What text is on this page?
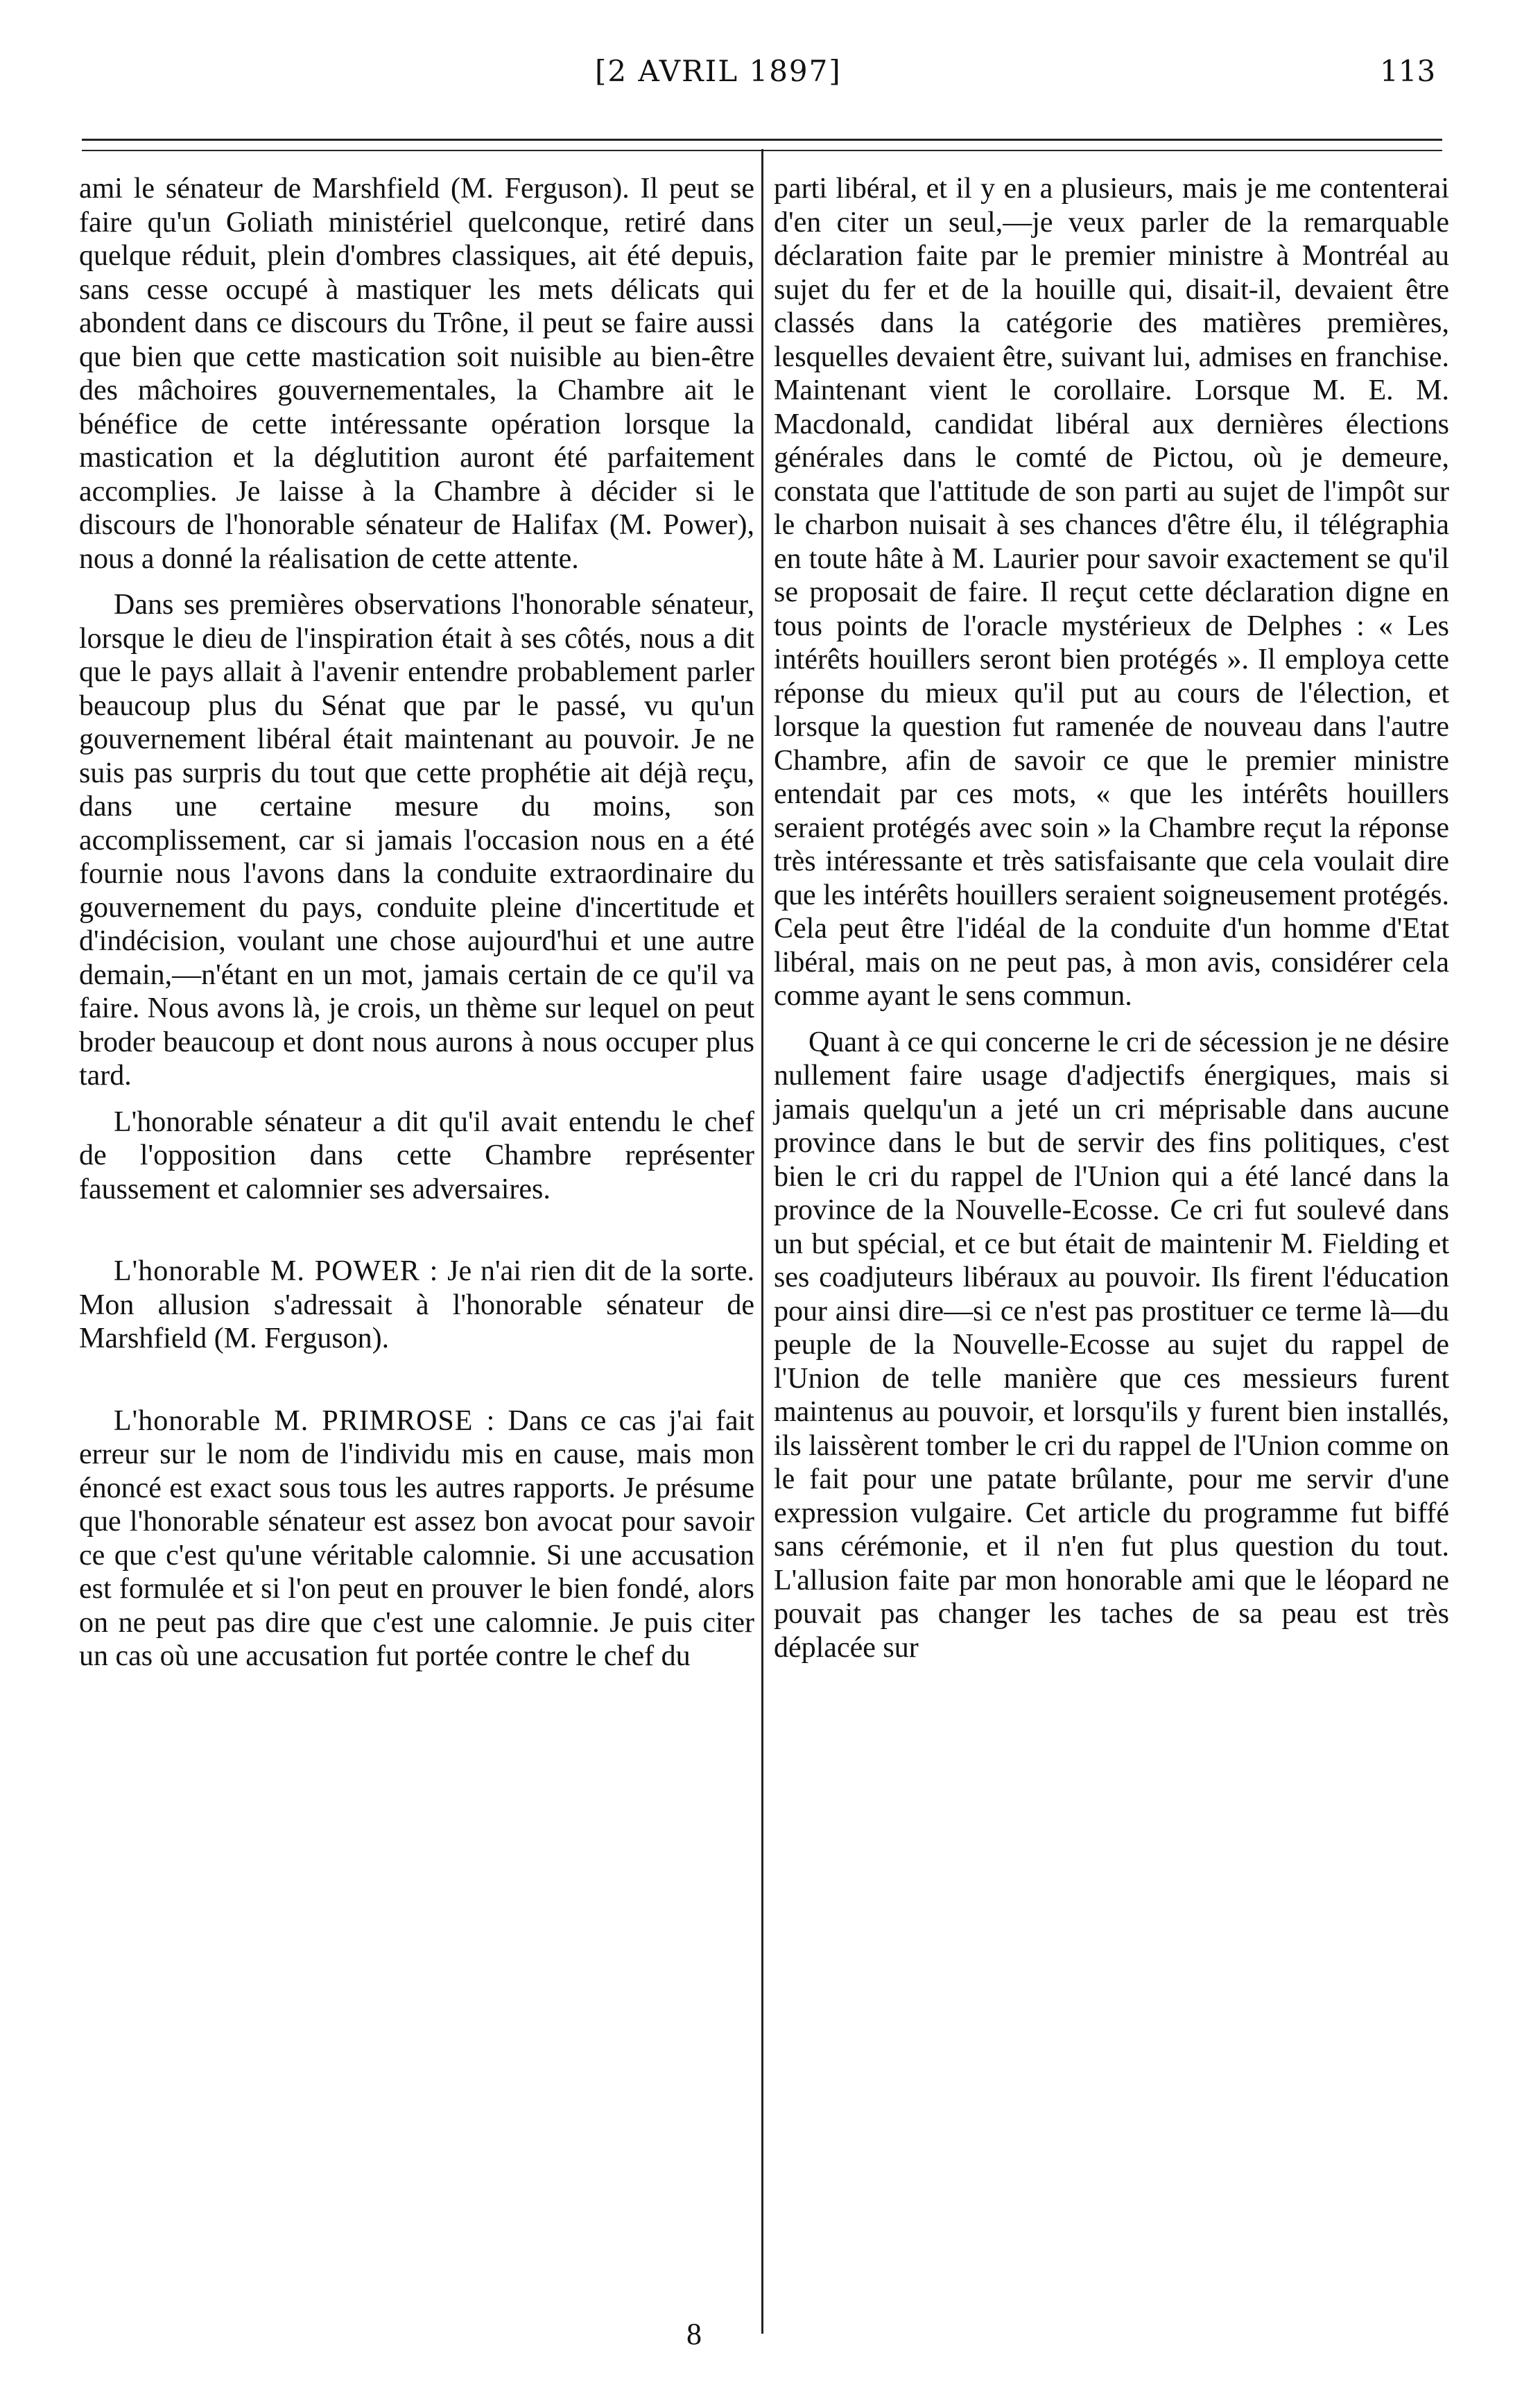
[2 AVRIL 1897]	113

ami le sénateur de Marshfield (M. Ferguson). Il peut se faire qu'un Goliath ministériel quelconque, retiré dans quelque réduit, plein d'ombres classiques, ait été depuis, sans cesse occupé à mastiquer les mets délicats qui abondent dans ce discours du Trône, il peut se faire aussi que bien que cette mastication soit nuisible au bien-être des mâchoires gouvernementales, la Chambre ait le bénéfice de cette intéressante opération lorsque la mastication et la déglutition auront été parfaitement accomplies. Je laisse à la Chambre à décider si le discours de l'honorable sénateur de Halifax (M. Power), nous a donné la réalisation de cette attente.

Dans ses premières observations l'honorable sénateur, lorsque le dieu de l'inspiration était à ses côtés, nous a dit que le pays allait à l'avenir entendre probablement parler beaucoup plus du Sénat que par le passé, vu qu'un gouvernement libéral était maintenant au pouvoir. Je ne suis pas surpris du tout que cette prophétie ait déjà reçu, dans une certaine mesure du moins, son accomplissement, car si jamais l'occasion nous en a été fournie nous l'avons dans la conduite extraordinaire du gouvernement du pays, conduite pleine d'incertitude et d'indécision, voulant une chose aujourd'hui et une autre demain,—n'étant en un mot, jamais certain de ce qu'il va faire. Nous avons là, je crois, un thème sur lequel on peut broder beaucoup et dont nous aurons à nous occuper plus tard.

L'honorable sénateur a dit qu'il avait entendu le chef de l'opposition dans cette Chambre représenter faussement et calomnier ses adversaires.

L'honorable M. POWER : Je n'ai rien dit de la sorte. Mon allusion s'adressait à l'honorable sénateur de Marshfield (M. Ferguson).

L'honorable M. PRIMROSE : Dans ce cas j'ai fait erreur sur le nom de l'individu mis en cause, mais mon énoncé est exact sous tous les autres rapports. Je présume que l'honorable sénateur est assez bon avocat pour savoir ce que c'est qu'une véritable calomnie. Si une accusation est formulée et si l'on peut en prouver le bien fondé, alors on ne peut pas dire que c'est une calomnie. Je puis citer un cas où une accusation fut portée contre le chef du

parti libéral, et il y en a plusieurs, mais je me contenterai d'en citer un seul,—je veux parler de la remarquable déclaration faite par le premier ministre à Montréal au sujet du fer et de la houille qui, disait-il, devaient être classés dans la catégorie des matières premières, lesquelles devaient être, suivant lui, admises en franchise. Maintenant vient le corollaire. Lorsque M. E. M. Macdonald, candidat libéral aux dernières élections générales dans le comté de Pictou, où je demeure, constata que l'attitude de son parti au sujet de l'impôt sur le charbon nuisait à ses chances d'être élu, il télégraphia en toute hâte à M. Laurier pour savoir exactement se qu'il se proposait de faire. Il reçut cette déclaration digne en tous points de l'oracle mystérieux de Delphes : « Les intérêts houillers seront bien protégés ». Il employa cette réponse du mieux qu'il put au cours de l'élection, et lorsque la question fut ramenée de nouveau dans l'autre Chambre, afin de savoir ce que le premier ministre entendait par ces mots, « que les intérêts houillers seraient protégés avec soin » la Chambre reçut la réponse très intéressante et très satisfaisante que cela voulait dire que les intérêts houillers seraient soigneusement protégés. Cela peut être l'idéal de la conduite d'un homme d'Etat libéral, mais on ne peut pas, à mon avis, considérer cela comme ayant le sens commun.

Quant à ce qui concerne le cri de sécession je ne désire nullement faire usage d'adjectifs énergiques, mais si jamais quelqu'un a jeté un cri méprisable dans aucune province dans le but de servir des fins politiques, c'est bien le cri du rappel de l'Union qui a été lancé dans la province de la Nouvelle-Ecosse. Ce cri fut soulevé dans un but spécial, et ce but était de maintenir M. Fielding et ses coadjuteurs libéraux au pouvoir. Ils firent l'éducation pour ainsi dire—si ce n'est pas prostituer ce terme là—du peuple de la Nouvelle-Ecosse au sujet du rappel de l'Union de telle manière que ces messieurs furent maintenus au pouvoir, et lorsqu'ils y furent bien installés, ils laissèrent tomber le cri du rappel de l'Union comme on le fait pour une patate brûlante, pour me servir d'une expression vulgaire. Cet article du programme fut biffé sans cérémonie, et il n'en fut plus question du tout. L'allusion faite par mon honorable ami que le léopard ne pouvait pas changer les taches de sa peau est très déplacée sur

8
